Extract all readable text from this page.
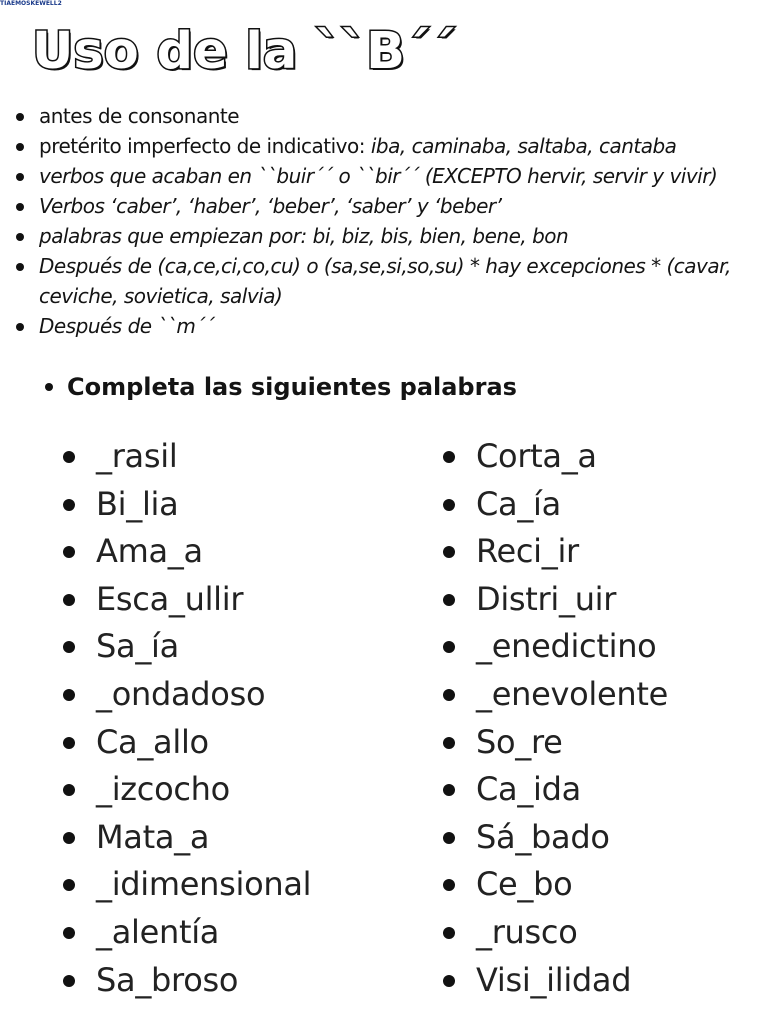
TIAEMOSKEWELL2
Uso de la ``B´´
antes de consonante
pretérito imperfecto de indicativo: iba, caminaba, saltaba, cantaba
verbos que acaban en ``buir´´ o ``bir´´ (EXCEPTO hervir, servir y vivir)
Verbos ‘caber’, ‘haber’, ‘beber’, ‘saber’ y ‘beber’
palabras que empiezan por: bi, biz, bis, bien, bene, bon
Después de (ca,ce,ci,co,cu) o (sa,se,si,so,su) * hay excepciones * (cavar, ceviche, sovietica, salvia)
Después de ``m´´
Completa las siguientes palabras
_rasil
Bi_lia
Ama_a
Esca_ullir
Sa_ía
_ondadoso
Ca_allo
_izcocho
Mata_a
_idimensional
_alentía
Sa_broso
Corta_a
Ca_ía
Reci_ir
Distri_uir
_enedictino
_enevolente
So_re
Ca_ida
Sá_bado
Ce_bo
_rusco
Visi_ilidad
